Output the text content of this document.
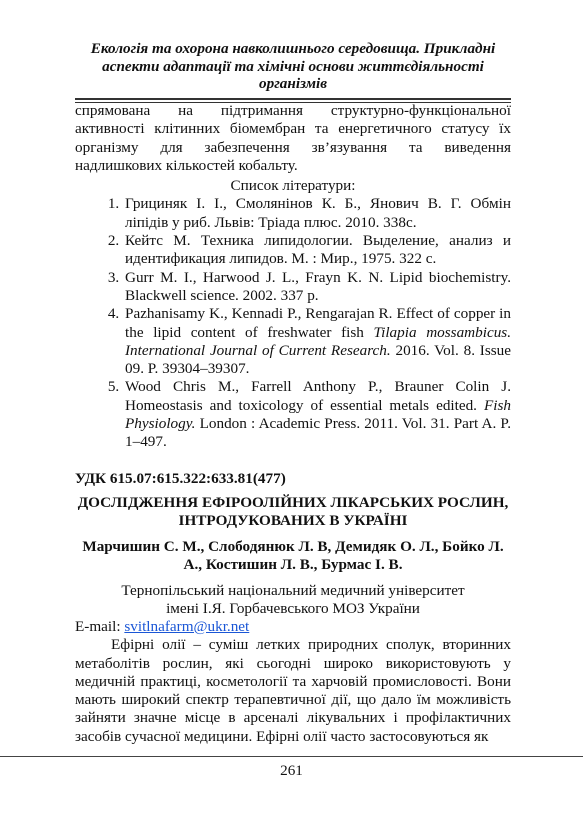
Екологія та охорона навколишнього середовища. Прикладні
аспекти адаптації та хімічні основи життєдіяльності
організмів

спрямована на підтримання структурно-функціональної активності клітинних біомембран та енергетичного статусу їх організму для забезпечення зв’язування та виведення надлишкових кількостей кобальту.

Список літератури:

1. Грициняк І. І., Смолянінов К. Б., Янович В. Г. Обмін ліпідів у риб. Львів: Тріада плюс. 2010. 338с.
2. Кейтс М. Техника липидологии. Выделение, анализ и идентификация липидов. М. : Мир., 1975. 322 с.
3. Gurr M. I., Harwood J. L., Frayn K. N. Lipid biochemistry. Blackwell science. 2002. 337 p.
4. Pazhanisamy K., Kennadi P., Rengarajan R. Effect of copper in the lipid content of freshwater fish Tilapia mossambicus. International Journal of Current Research. 2016. Vol. 8. Issue 09. P. 39304–39307.
5. Wood Chris M., Farrell Anthony P., Brauner Colin J. Homeostasis and toxicology of essential metals edited. Fish Physiology. London : Academic Press. 2011. Vol. 31. Part A. P. 1–497.

УДК 615.07:615.322:633.81(477)

ДОСЛІДЖЕННЯ ЕФІРООЛІЙНИХ ЛІКАРСЬКИХ РОСЛИН, ІНТРОДУКОВАНИХ В УКРАЇНІ

Марчишин С. М., Слободянюк Л. В, Демидяк О. Л., Бойко Л. А., Костишин Л. В., Бурмас І. В.

Тернопільський національний медичний університет
імені І.Я. Горбачевського МОЗ України

E-mail: svitlnafarm@ukr.net

Ефірні олії – суміш летких природних сполук, вторинних метаболітів рослин, які сьогодні широко використовують у медичній практиці, косметології та харчовій промисловості. Вони мають широкий спектр терапевтичної дії, що дало їм можливість зайняти значне місце в арсеналі лікувальних і профілактичних засобів сучасної медицини. Ефірні олії часто застосовуються як

261
